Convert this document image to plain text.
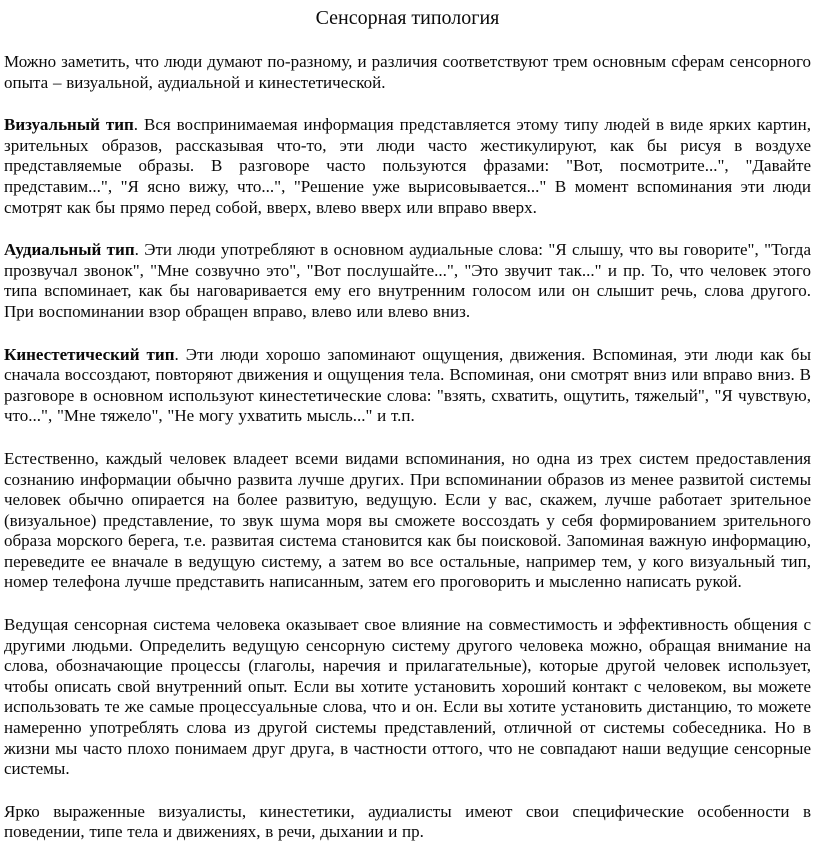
Сенсорная типология

Можно заметить, что люди думают по-разному, и различия соответствуют трем основным сферам сенсорного опыта – визуальной, аудиальной и кинестетической.

Визуальный тип. Вся воспринимаемая информация представляется этому типу людей в виде ярких картин, зрительных образов, рассказывая что-то, эти люди часто жестикулируют, как бы рисуя в воздухе представляемые образы. В разговоре часто пользуются фразами: "Вот, посмотрите...", "Давайте представим...", "Я ясно вижу, что...", "Решение уже вырисовывается..." В момент вспоминания эти люди смотрят как бы прямо перед собой, вверх, влево вверх или вправо вверх.

Аудиальный тип. Эти люди употребляют в основном аудиальные слова: "Я слышу, что вы говорите", "Тогда прозвучал звонок", "Мне созвучно это", "Вот послушайте...", "Это звучит так..." и пр. То, что человек этого типа вспоминает, как бы наговаривается ему его внутренним голосом или он слышит речь, слова другого. При воспоминании взор обращен вправо, влево или влево вниз.

Кинестетический тип. Эти люди хорошо запоминают ощущения, движения. Вспоминая, эти люди как бы сначала воссоздают, повторяют движения и ощущения тела. Вспоминая, они смотрят вниз или вправо вниз. В разговоре в основном используют кинестетические слова: "взять, схватить, ощутить, тяжелый", "Я чувствую, что...", "Мне тяжело", "Не могу ухватить мысль..." и т.п.

Естественно, каждый человек владеет всеми видами вспоминания, но одна из трех систем предоставления сознанию информации обычно развита лучше других. При вспоминании образов из менее развитой системы человек обычно опирается на более развитую, ведущую. Если у вас, скажем, лучше работает зрительное (визуальное) представление, то звук шума моря вы сможете воссоздать у себя формированием зрительного образа морского берега, т.е. развитая система становится как бы поисковой. Запоминая важную информацию, переведите ее вначале в ведущую систему, а затем во все остальные, например тем, у кого визуальный тип, номер телефона лучше представить написанным, затем его проговорить и мысленно написать рукой.

Ведущая сенсорная система человека оказывает свое влияние на совместимость и эффективность общения с другими людьми. Определить ведущую сенсорную систему другого человека можно, обращая внимание на слова, обозначающие процессы (глаголы, наречия и прилагательные), которые другой человек использует, чтобы описать свой внутренний опыт. Если вы хотите установить хороший контакт с человеком, вы можете использовать те же самые процессуальные слова, что и он. Если вы хотите установить дистанцию, то можете намеренно употреблять слова из другой системы представлений, отличной от системы собеседника. Но в жизни мы часто плохо понимаем друг друга, в частности оттого, что не совпадают наши ведущие сенсорные системы.

Ярко выраженные визуалисты, кинестетики, аудиалисты имеют свои специфические особенности в поведении, типе тела и движениях, в речи, дыхании и пр.
